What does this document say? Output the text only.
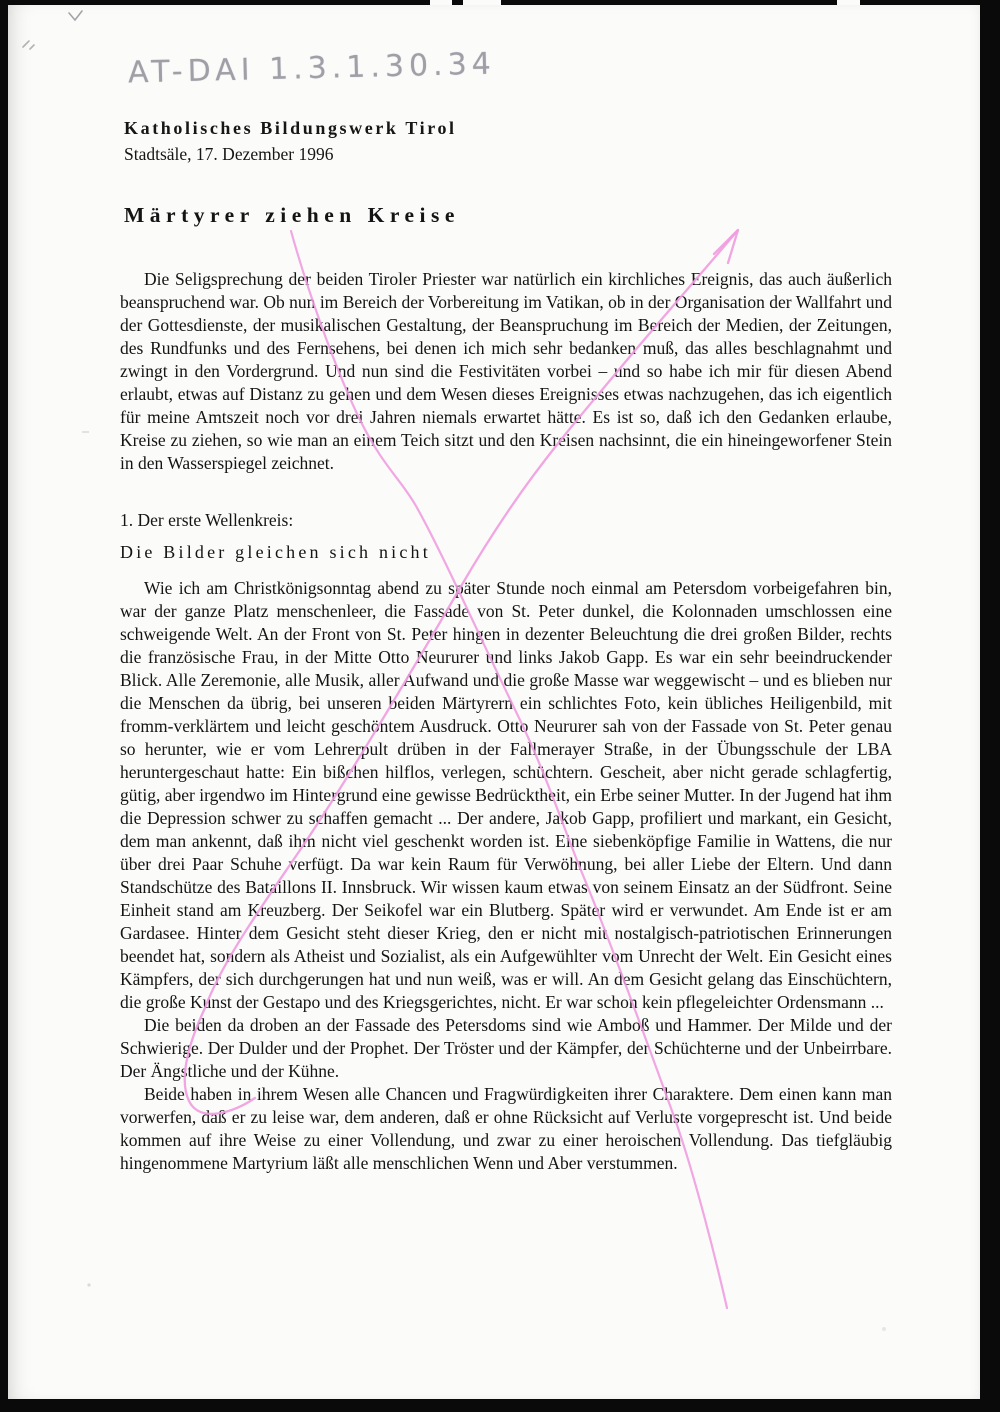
AT-DAI 1.3.1.30.34
Katholisches Bildungswerk Tirol
Stadtsäle, 17. Dezember 1996
Märtyrer ziehen Kreise

Die Seligsprechung der beiden Tiroler Priester war natürlich ein kirchliches Ereignis, das auch äußerlich beanspruchend war. Ob nun im Bereich der Vorbereitung im Vatikan, ob in der Organisation der Wallfahrt und der Gottesdienste, der musikalischen Gestaltung, der Beanspruchung im Bereich der Medien, der Zeitungen, des Rundfunks und des Fernsehens, bei denen ich mich sehr bedanken muß, das alles beschlagnahmt und zwingt in den Vordergrund. Und nun sind die Festivitäten vorbei – und so habe ich mir für diesen Abend erlaubt, etwas auf Distanz zu gehen und dem Wesen dieses Ereignisses etwas nachzugehen, das ich eigentlich für meine Amtszeit noch vor drei Jahren niemals erwartet hätte. Es ist so, daß ich den Gedanken erlaube, Kreise zu ziehen, so wie man an einem Teich sitzt und den Kreisen nachsinnt, die ein hineingeworfener Stein in den Wasserspiegel zeichnet.

1. Der erste Wellenkreis:

Die Bilder gleichen sich nicht

Wie ich am Christkönigsonntag abend zu später Stunde noch einmal am Petersdom vorbeigefahren bin, war der ganze Platz menschenleer, die Fassade von St. Peter dunkel, die Kolonnaden umschlossen eine schweigende Welt. An der Front von St. Peter hingen in dezenter Beleuchtung die drei großen Bilder, rechts die französische Frau, in der Mitte Otto Neururer und links Jakob Gapp. Es war ein sehr beeindruckender Blick. Alle Zeremonie, alle Musik, aller Aufwand und die große Masse war weggewischt – und es blieben nur die Menschen da übrig, bei unseren beiden Märtyrern ein schlichtes Foto, kein übliches Heiligenbild, mit fromm-verklärtem und leicht geschöntem Ausdruck. Otto Neururer sah von der Fassade von St. Peter genau so herunter, wie er vom Lehrerpult drüben in der Fallmerayer Straße, in der Übungsschule der LBA heruntergeschaut hatte: Ein bißchen hilflos, verlegen, schüchtern. Gescheit, aber nicht gerade schlagfertig, gütig, aber irgendwo im Hintergrund eine gewisse Bedrücktheit, ein Erbe seiner Mutter. In der Jugend hat ihm die Depression schwer zu schaffen gemacht ... Der andere, Jakob Gapp, profiliert und markant, ein Gesicht, dem man ankennt, daß ihm nicht viel geschenkt worden ist. Eine siebenköpfige Familie in Wattens, die nur über drei Paar Schuhe verfügt. Da war kein Raum für Verwöhnung, bei aller Liebe der Eltern. Und dann Standschütze des Bataillons II. Innsbruck. Wir wissen kaum etwas von seinem Einsatz an der Südfront. Seine Einheit stand am Kreuzberg. Der Seikofel war ein Blutberg. Später wird er verwundet. Am Ende ist er am Gardasee. Hinter dem Gesicht steht dieser Krieg, den er nicht mit nostalgisch-patriotischen Erinnerungen beendet hat, sondern als Atheist und Sozialist, als ein Aufgewühlter vom Unrecht der Welt. Ein Gesicht eines Kämpfers, der sich durchgerungen hat und nun weiß, was er will. An dem Gesicht gelang das Einschüchtern, die große Kunst der Gestapo und des Kriegsgerichtes, nicht. Er war schon kein pflegeleichter Ordensmann ...

Die beiden da droben an der Fassade des Petersdoms sind wie Amboß und Hammer. Der Milde und der Schwierige. Der Dulder und der Prophet. Der Tröster und der Kämpfer, der Schüchterne und der Unbeirrbare. Der Ängstliche und der Kühne.

Beide haben in ihrem Wesen alle Chancen und Fragwürdigkeiten ihrer Charaktere. Dem einen kann man vorwerfen, daß er zu leise war, dem anderen, daß er ohne Rücksicht auf Verluste vorgeprescht ist. Und beide kommen auf ihre Weise zu einer Vollendung, und zwar zu einer heroischen Vollendung. Das tiefgläubig hingenommene Martyrium läßt alle menschlichen Wenn und Aber verstummen.
